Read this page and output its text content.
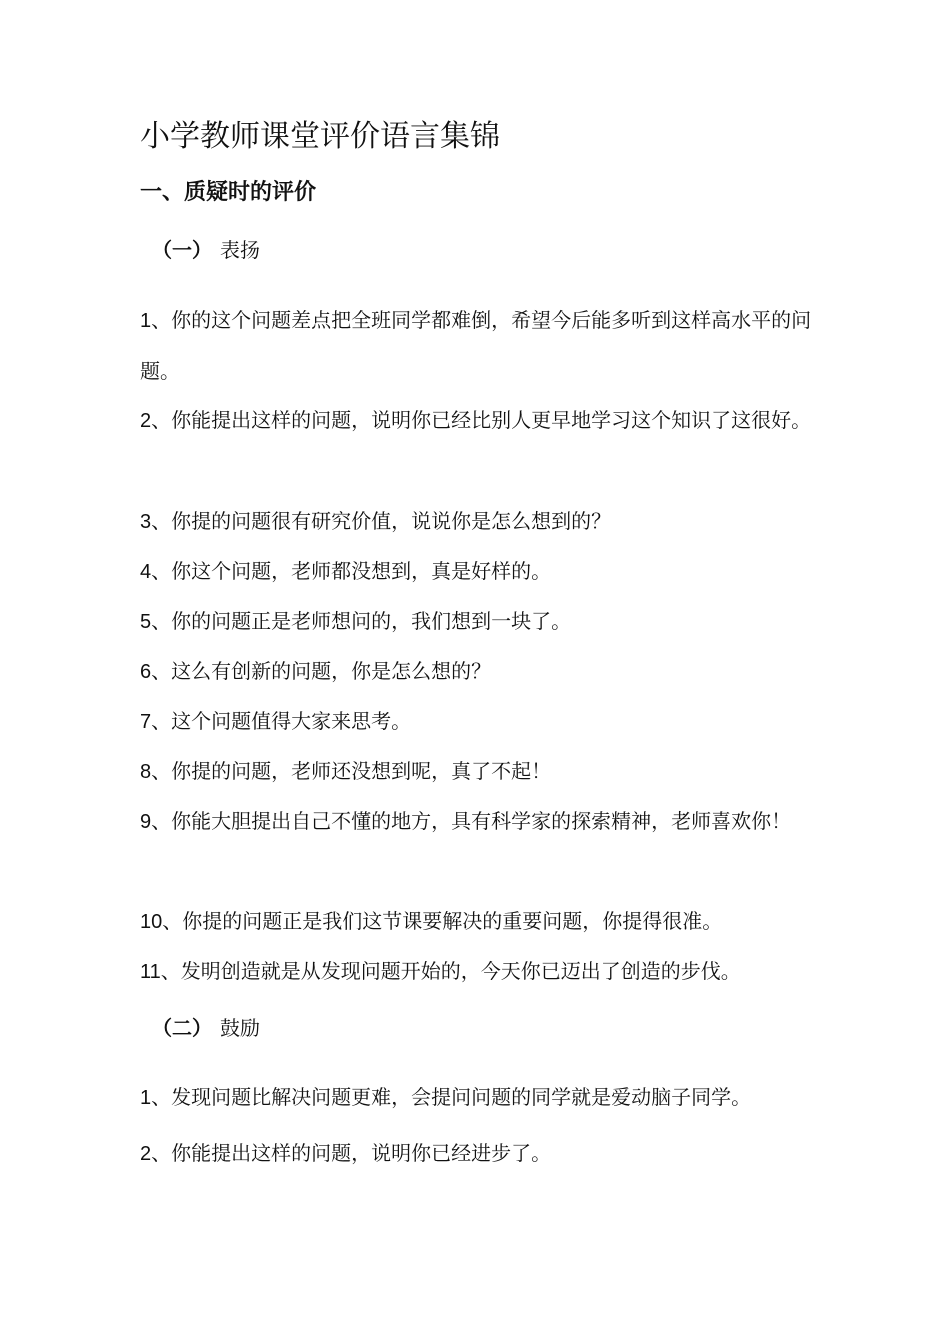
小学教师课堂评价语言集锦
一、质疑时的评价
（一） 表扬

1、你的这个问题差点把全班同学都难倒，希望今后能多听到这样高水平的问题。

2、你能提出这样的问题，说明你已经比别人更早地学习这个知识了这很好。

3、你提的问题很有研究价值，说说你是怎么想到的？

4、你这个问题，老师都没想到，真是好样的。

5、你的问题正是老师想问的，我们想到一块了。

6、这么有创新的问题，你是怎么想的？

7、这个问题值得大家来思考。

8、你提的问题，老师还没想到呢，真了不起！

9、你能大胆提出自己不懂的地方，具有科学家的探索精神，老师喜欢你！

10、你提的问题正是我们这节课要解决的重要问题，你提得很准。

11、发明创造就是从发现问题开始的，今天你已迈出了创造的步伐。

（二） 鼓励

1、发现问题比解决问题更难，会提问问题的同学就是爱动脑子同学。

2、你能提出这样的问题，说明你已经进步了。
